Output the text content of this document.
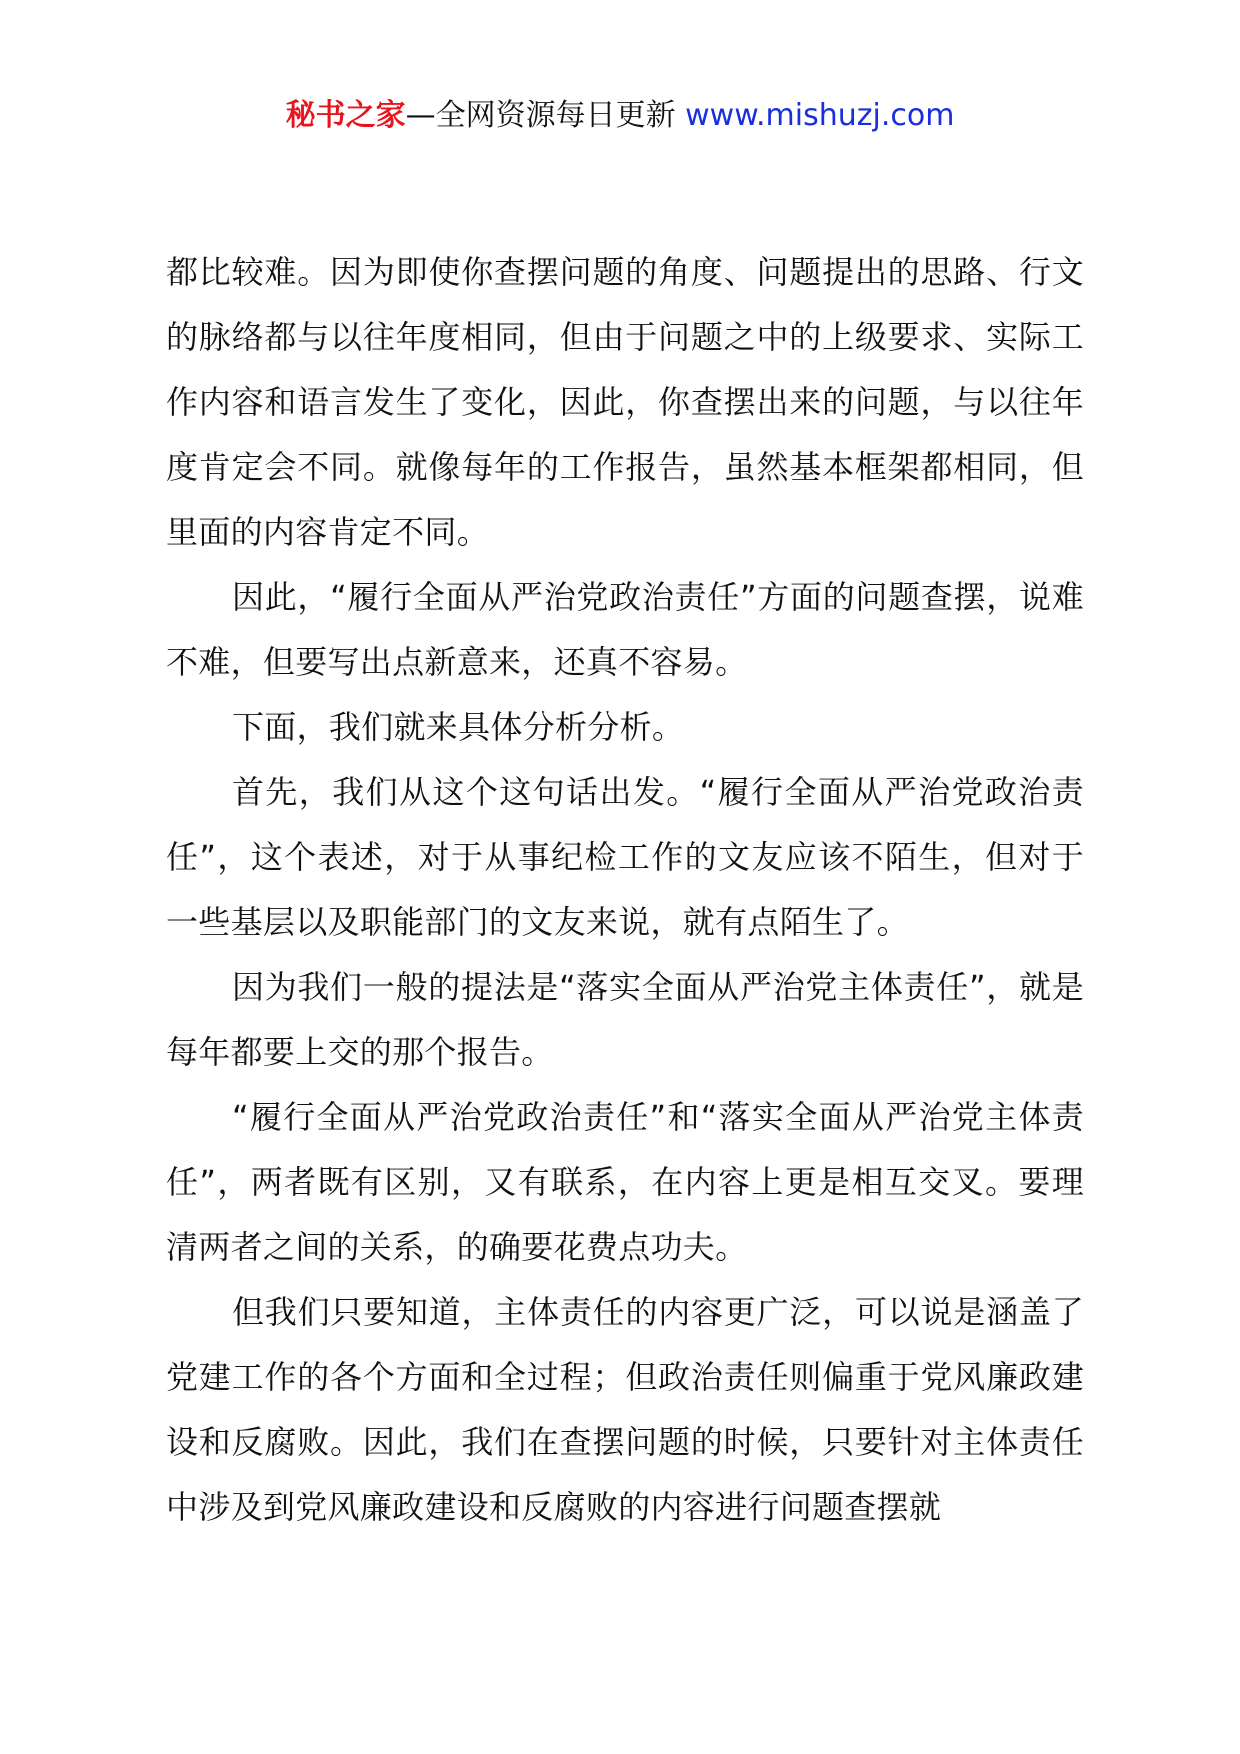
秘书之家—全网资源每日更新 www.mishuzj.com

都比较难。因为即使你查摆问题的角度、问题提出的思路、行文的脉络都与以往年度相同，但由于问题之中的上级要求、实际工作内容和语言发生了变化，因此，你查摆出来的问题，与以往年度肯定会不同。就像每年的工作报告，虽然基本框架都相同，但里面的内容肯定不同。

因此，“履行全面从严治党政治责任”方面的问题查摆，说难不难，但要写出点新意来，还真不容易。

下面，我们就来具体分析分析。

首先，我们从这个这句话出发。“履行全面从严治党政治责任”，这个表述，对于从事纪检工作的文友应该不陌生，但对于一些基层以及职能部门的文友来说，就有点陌生了。

因为我们一般的提法是“落实全面从严治党主体责任”，就是每年都要上交的那个报告。

“履行全面从严治党政治责任”和“落实全面从严治党主体责任”，两者既有区别，又有联系，在内容上更是相互交叉。要理清两者之间的关系，的确要花费点功夫。

但我们只要知道，主体责任的内容更广泛，可以说是涵盖了党建工作的各个方面和全过程；但政治责任则偏重于党风廉政建设和反腐败。因此，我们在查摆问题的时候，只要针对主体责任中涉及到党风廉政建设和反腐败的内容进行问题查摆就
